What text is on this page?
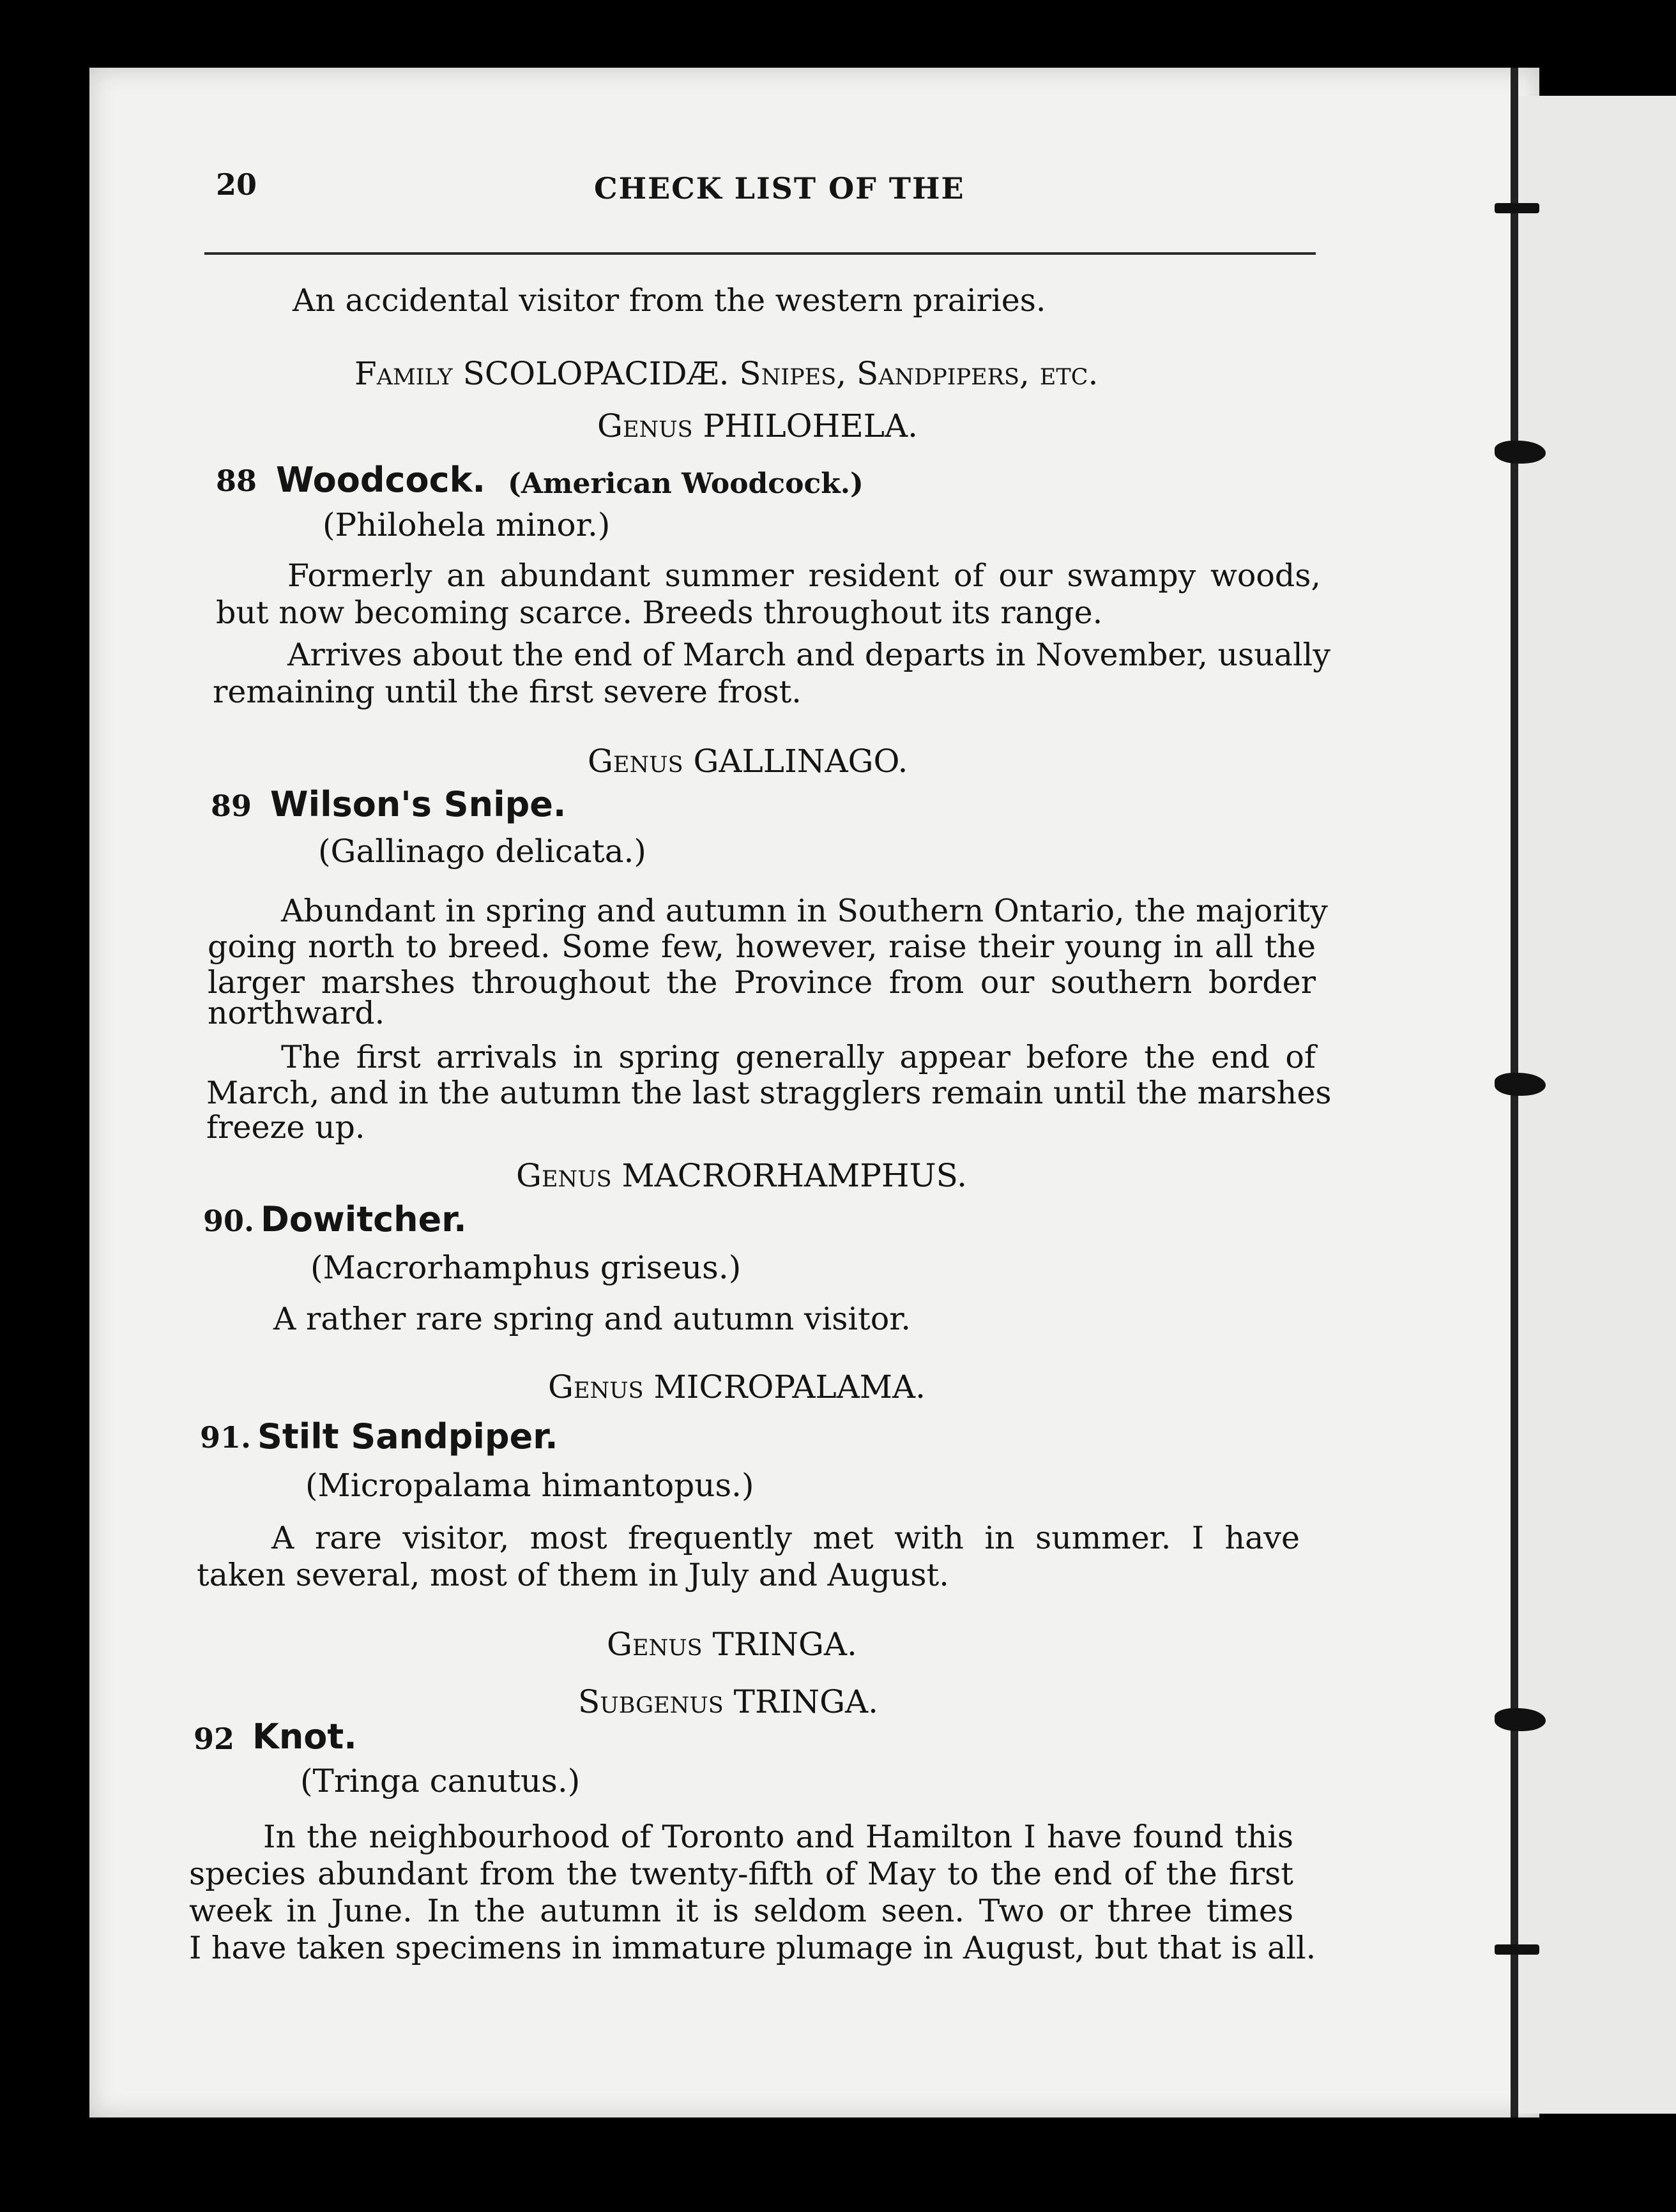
20	CHECK LIST OF THE
An accidental visitor from the western prairies.
Family SCOLOPACIDÆ. Snipes, Sandpipers, etc.
Genus PHILOHELA.
88 Woodcock. (American Woodcock.)
(Philohela minor.)
Formerly an abundant summer resident of our swampy woods,
but now becoming scarce. Breeds throughout its range.
Arrives about the end of March and departs in November, usually
remaining until the first severe frost.
Genus GALLINAGO.
89 Wilson's Snipe.
(Gallinago delicata.)
Abundant in spring and autumn in Southern Ontario, the majority
going north to breed. Some few, however, raise their young in all the
larger marshes throughout the Province from our southern border
northward.
The first arrivals in spring generally appear before the end of
March, and in the autumn the last stragglers remain until the marshes
freeze up.
Genus MACRORHAMPHUS.
90. Dowitcher.
(Macrorhamphus griseus.)
A rather rare spring and autumn visitor.
Genus MICROPALAMA.
91. Stilt Sandpiper.
(Micropalama himantopus.)
A rare visitor, most frequently met with in summer. I have
taken several, most of them in July and August.
Genus TRINGA.
Subgenus TRINGA.
92 Knot.
(Tringa canutus.)
In the neighbourhood of Toronto and Hamilton I have found this
species abundant from the twenty-fifth of May to the end of the first
week in June. In the autumn it is seldom seen. Two or three times
I have taken specimens in immature plumage in August, but that is all.
